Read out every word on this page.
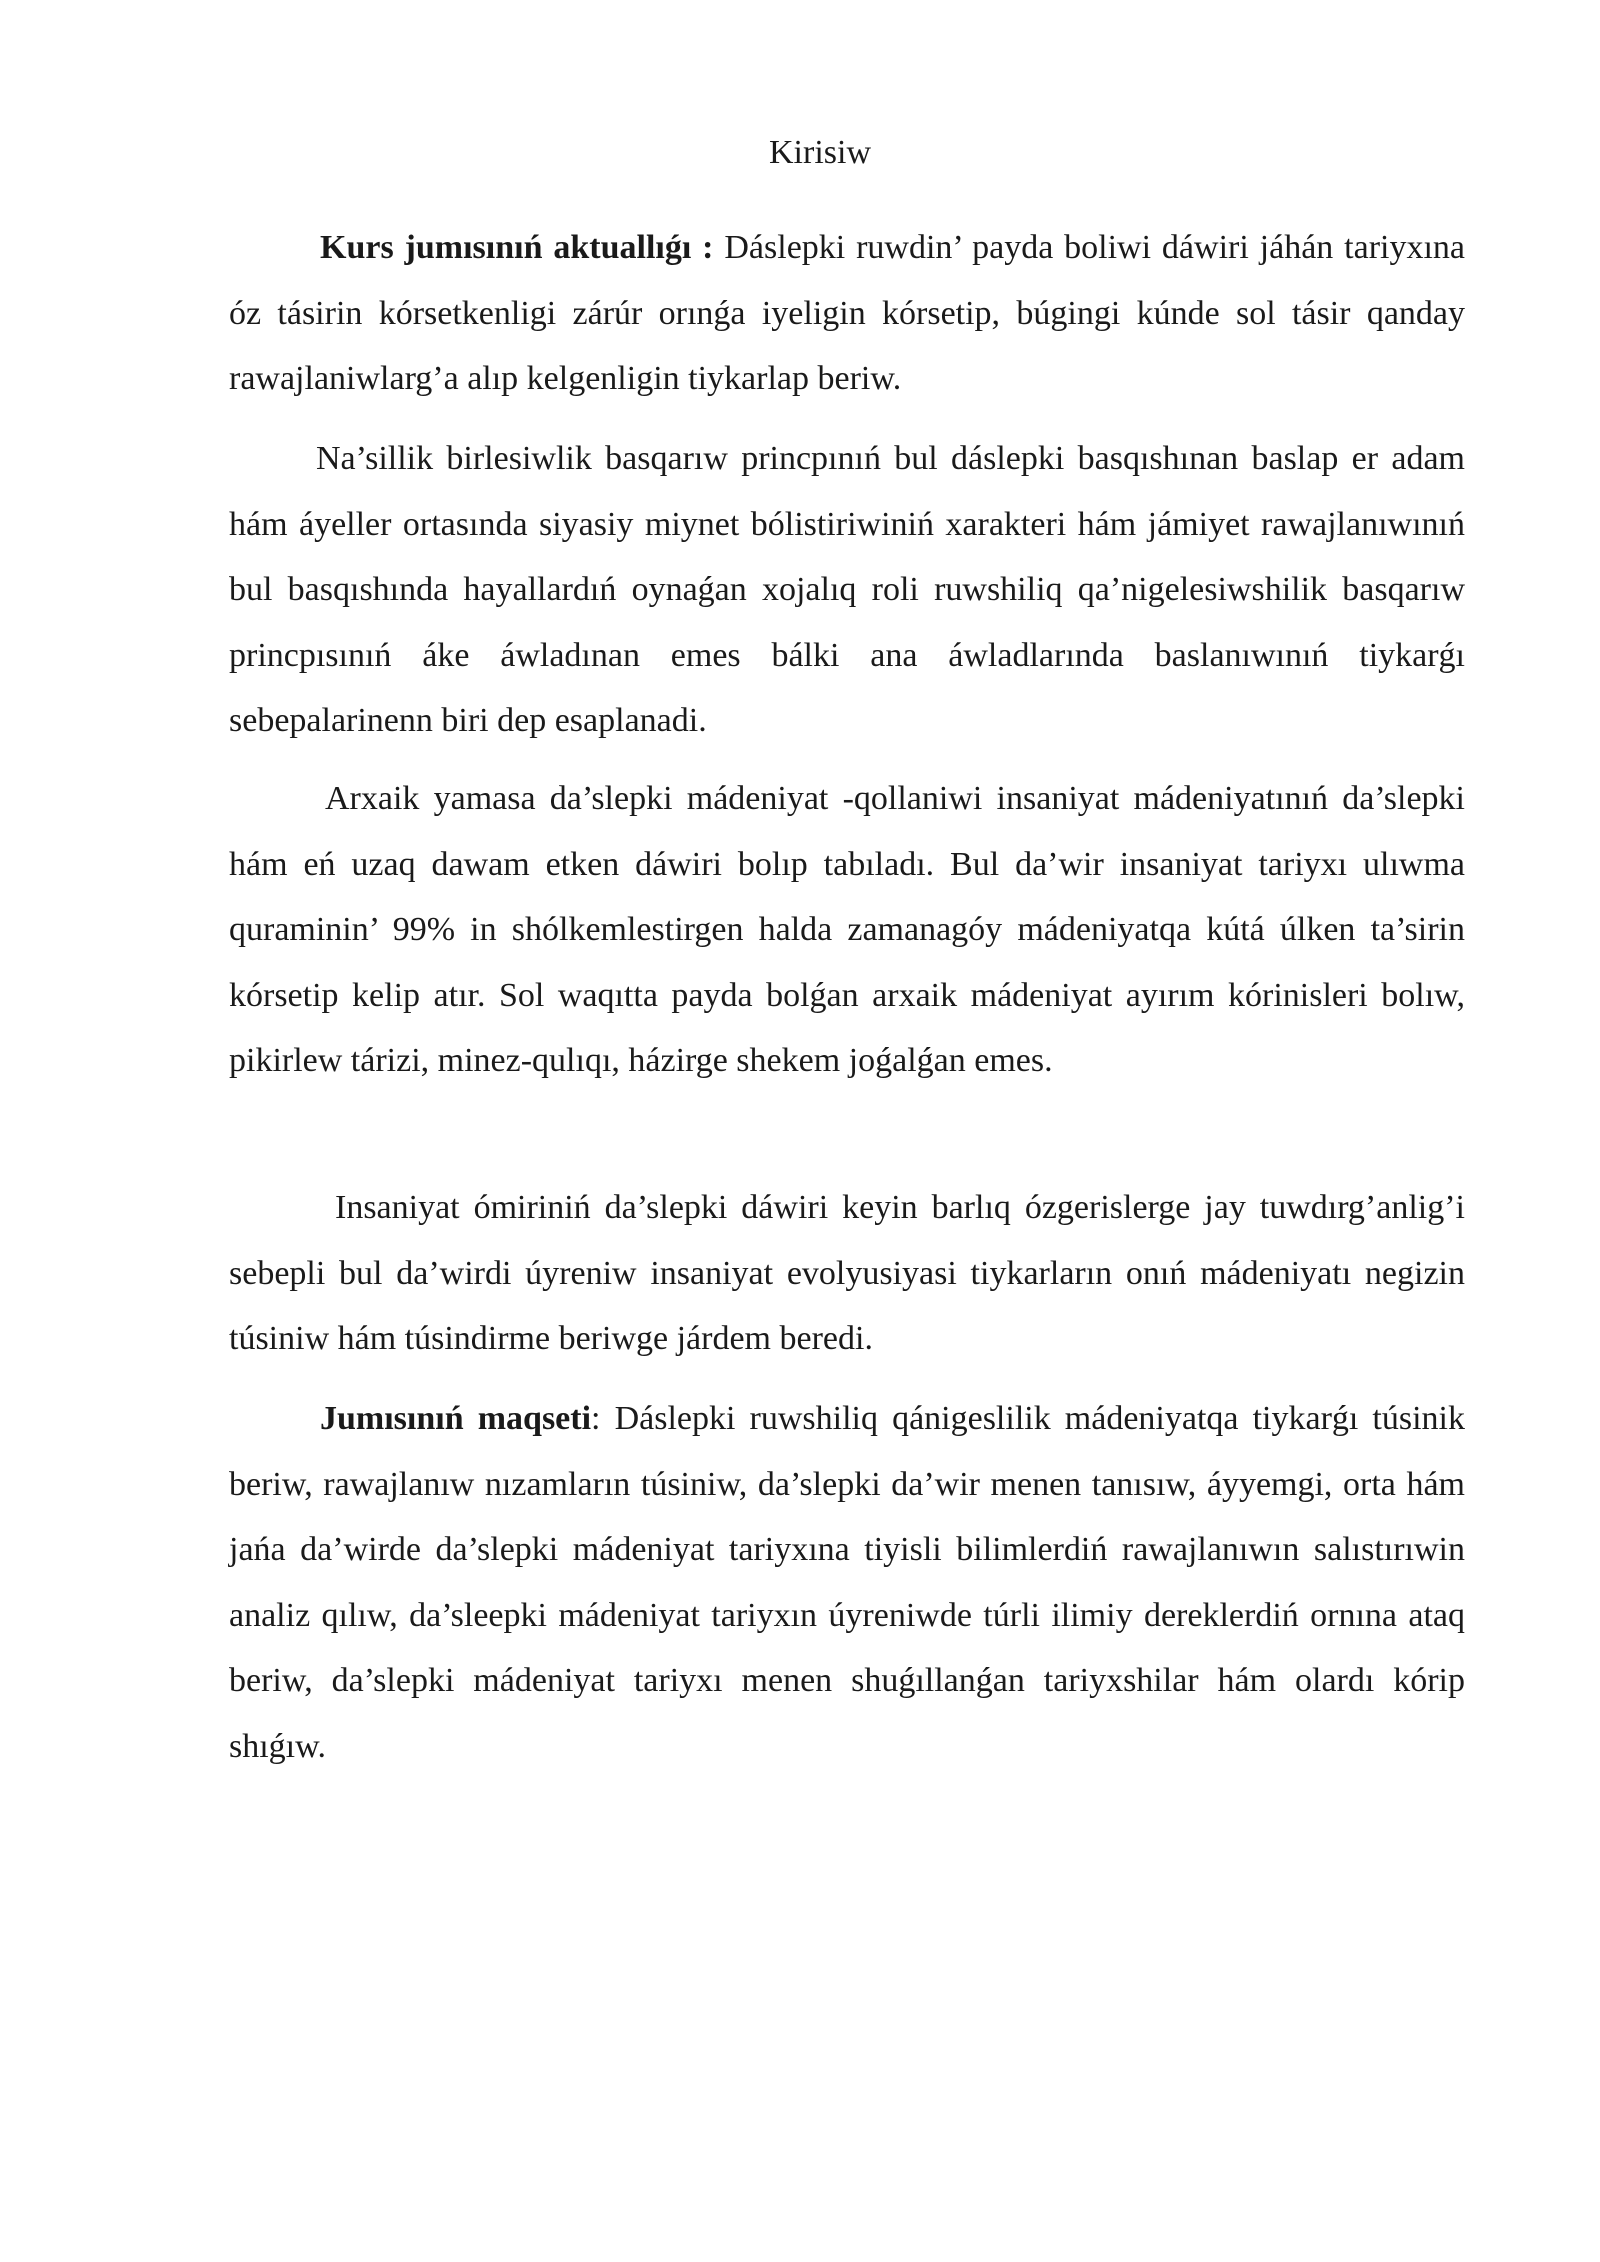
Kirisiw

Kurs jumısınıń aktuallıǵı : Dáslepki ruwdin’ payda boliwi dáwiri jáhán tariyxına óz tásirin kórsetkenligi zárúr orınǵa iyeligin kórsetip, búgingi kúnde sol tásir qanday rawajlaniwlarg’a alıp kelgenligin tiykarlap beriw.

Na’sillik birlesiwlik basqarıw princpınıń bul dáslepki basqıshınan baslap er adam hám áyeller ortasında siyasiy miynet bólistiriwiniń xarakteri hám jámiyet rawajlanıwınıń bul basqıshında hayallardıń oynaǵan xojalıq roli ruwshiliq qa’nigelesiwshilik basqarıw princpısınıń áke áwladınan emes bálki ana áwladlarında baslanıwınıń tiykarǵı sebepalarinenn biri dep esaplanadi.

Arxaik yamasa da’slepki mádeniyat -qollaniwi insaniyat mádeniyatınıń da’slepki hám eń uzaq dawam etken dáwiri bolıp tabıladı. Bul da’wir insaniyat tariyxı ulıwma quraminin’ 99% in shólkemlestirgen halda zamanagóy mádeniyatqa kútá úlken ta’sirin kórsetip kelip atır. Sol waqıtta payda bolǵan arxaik mádeniyat ayırım kórinisleri bolıw, pikirlew tárizi, minez-qulıqı, házirge shekem joǵalǵan emes.

Insaniyat ómiriniń da’slepki dáwiri keyin barlıq ózgerislerge jay tuwdırg’anlig’i sebepli bul da’wirdi úyreniw insaniyat evolyusiyasi tiykarların onıń mádeniyatı negizin túsiniw hám túsindirme beriwge járdem beredi.

Jumısınıń maqseti: Dáslepki ruwshiliq qánigeslilik mádeniyatqa tiykarǵı túsinik beriw, rawajlanıw nızamların túsiniw, da’slepki da’wir menen tanısıw, áyyemgi, orta hám jańa da’wirde da’slepki mádeniyat tariyxına tiyisli bilimlerdiń rawajlanıwın salıstırıwin analiz qılıw, da’sleepki mádeniyat tariyxın úyreniwde túrli ilimiy dereklerdiń ornına ataq beriw, da’slepki mádeniyat tariyxı menen shuǵıllanǵan tariyxshilar hám olardı kórip shıǵıw.
